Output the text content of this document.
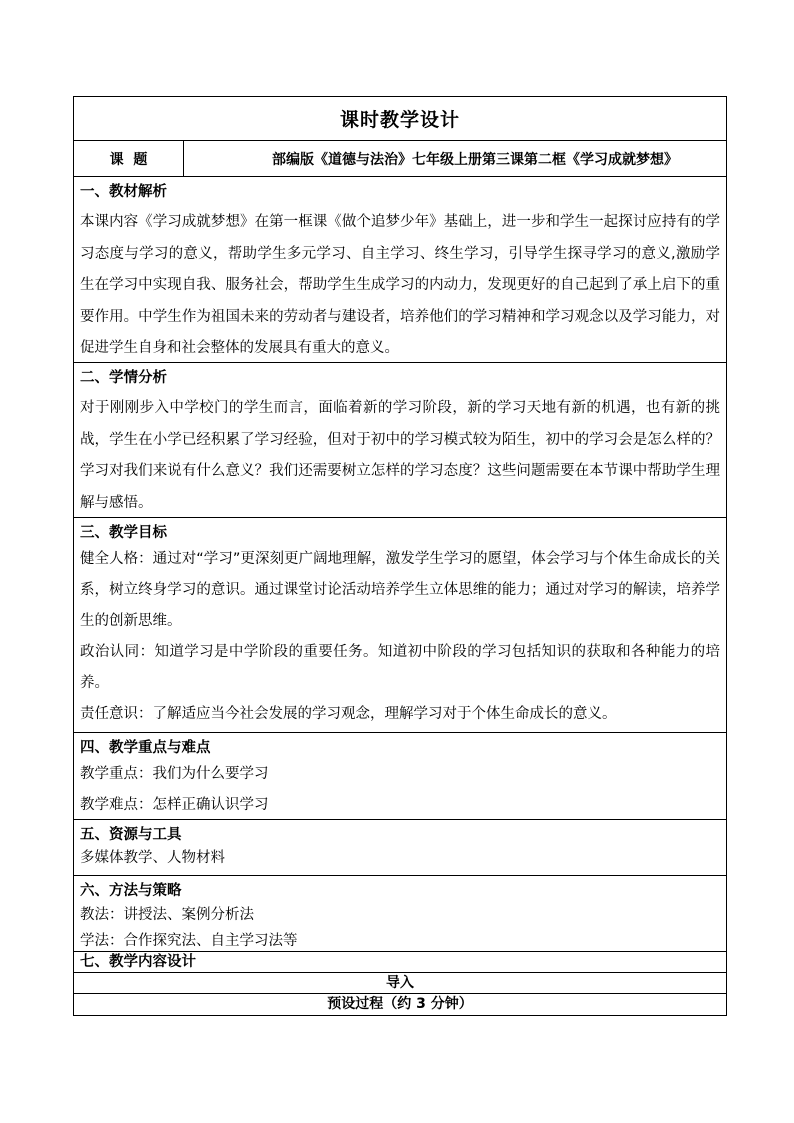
课时教学设计
课  题	部编版《道德与法治》七年级上册第三课第二框《学习成就梦想》
一、教材解析

本课内容《学习成就梦想》在第一框课《做个追梦少年》基础上，进一步和学生一起探讨应持有的学习态度与学习的意义，帮助学生多元学习、自主学习、终生学习，引导学生探寻学习的意义,激励学生在学习中实现自我、服务社会，帮助学生生成学习的内动力，发现更好的自己起到了承上启下的重要作用。中学生作为祖国未来的劳动者与建设者，培养他们的学习精神和学习观念以及学习能力，对促进学生自身和社会整体的发展具有重大的意义。

二、学情分析

对于刚刚步入中学校门的学生而言，面临着新的学习阶段，新的学习天地有新的机遇，也有新的挑战，学生在小学已经积累了学习经验，但对于初中的学习模式较为陌生，初中的学习会是怎么样的？学习对我们来说有什么意义？我们还需要树立怎样的学习态度？这些问题需要在本节课中帮助学生理解与感悟。

三、教学目标

健全人格：通过对“学习”更深刻更广阔地理解，激发学生学习的愿望，体会学习与个体生命成长的关系，树立终身学习的意识。通过课堂讨论活动培养学生立体思维的能力；通过对学习的解读，培养学生的创新思维。

政治认同：知道学习是中学阶段的重要任务。知道初中阶段的学习包括知识的获取和各种能力的培养。

责任意识：了解适应当今社会发展的学习观念，理解学习对于个体生命成长的意义。

四、教学重点与难点

教学重点：我们为什么要学习

教学难点：怎样正确认识学习

五、资源与工具

多媒体教学、人物材料

六、方法与策略

教法：讲授法、案例分析法

学法：合作探究法、自主学习法等

七、教学内容设计
导入
预设过程（约 3 分钟）
